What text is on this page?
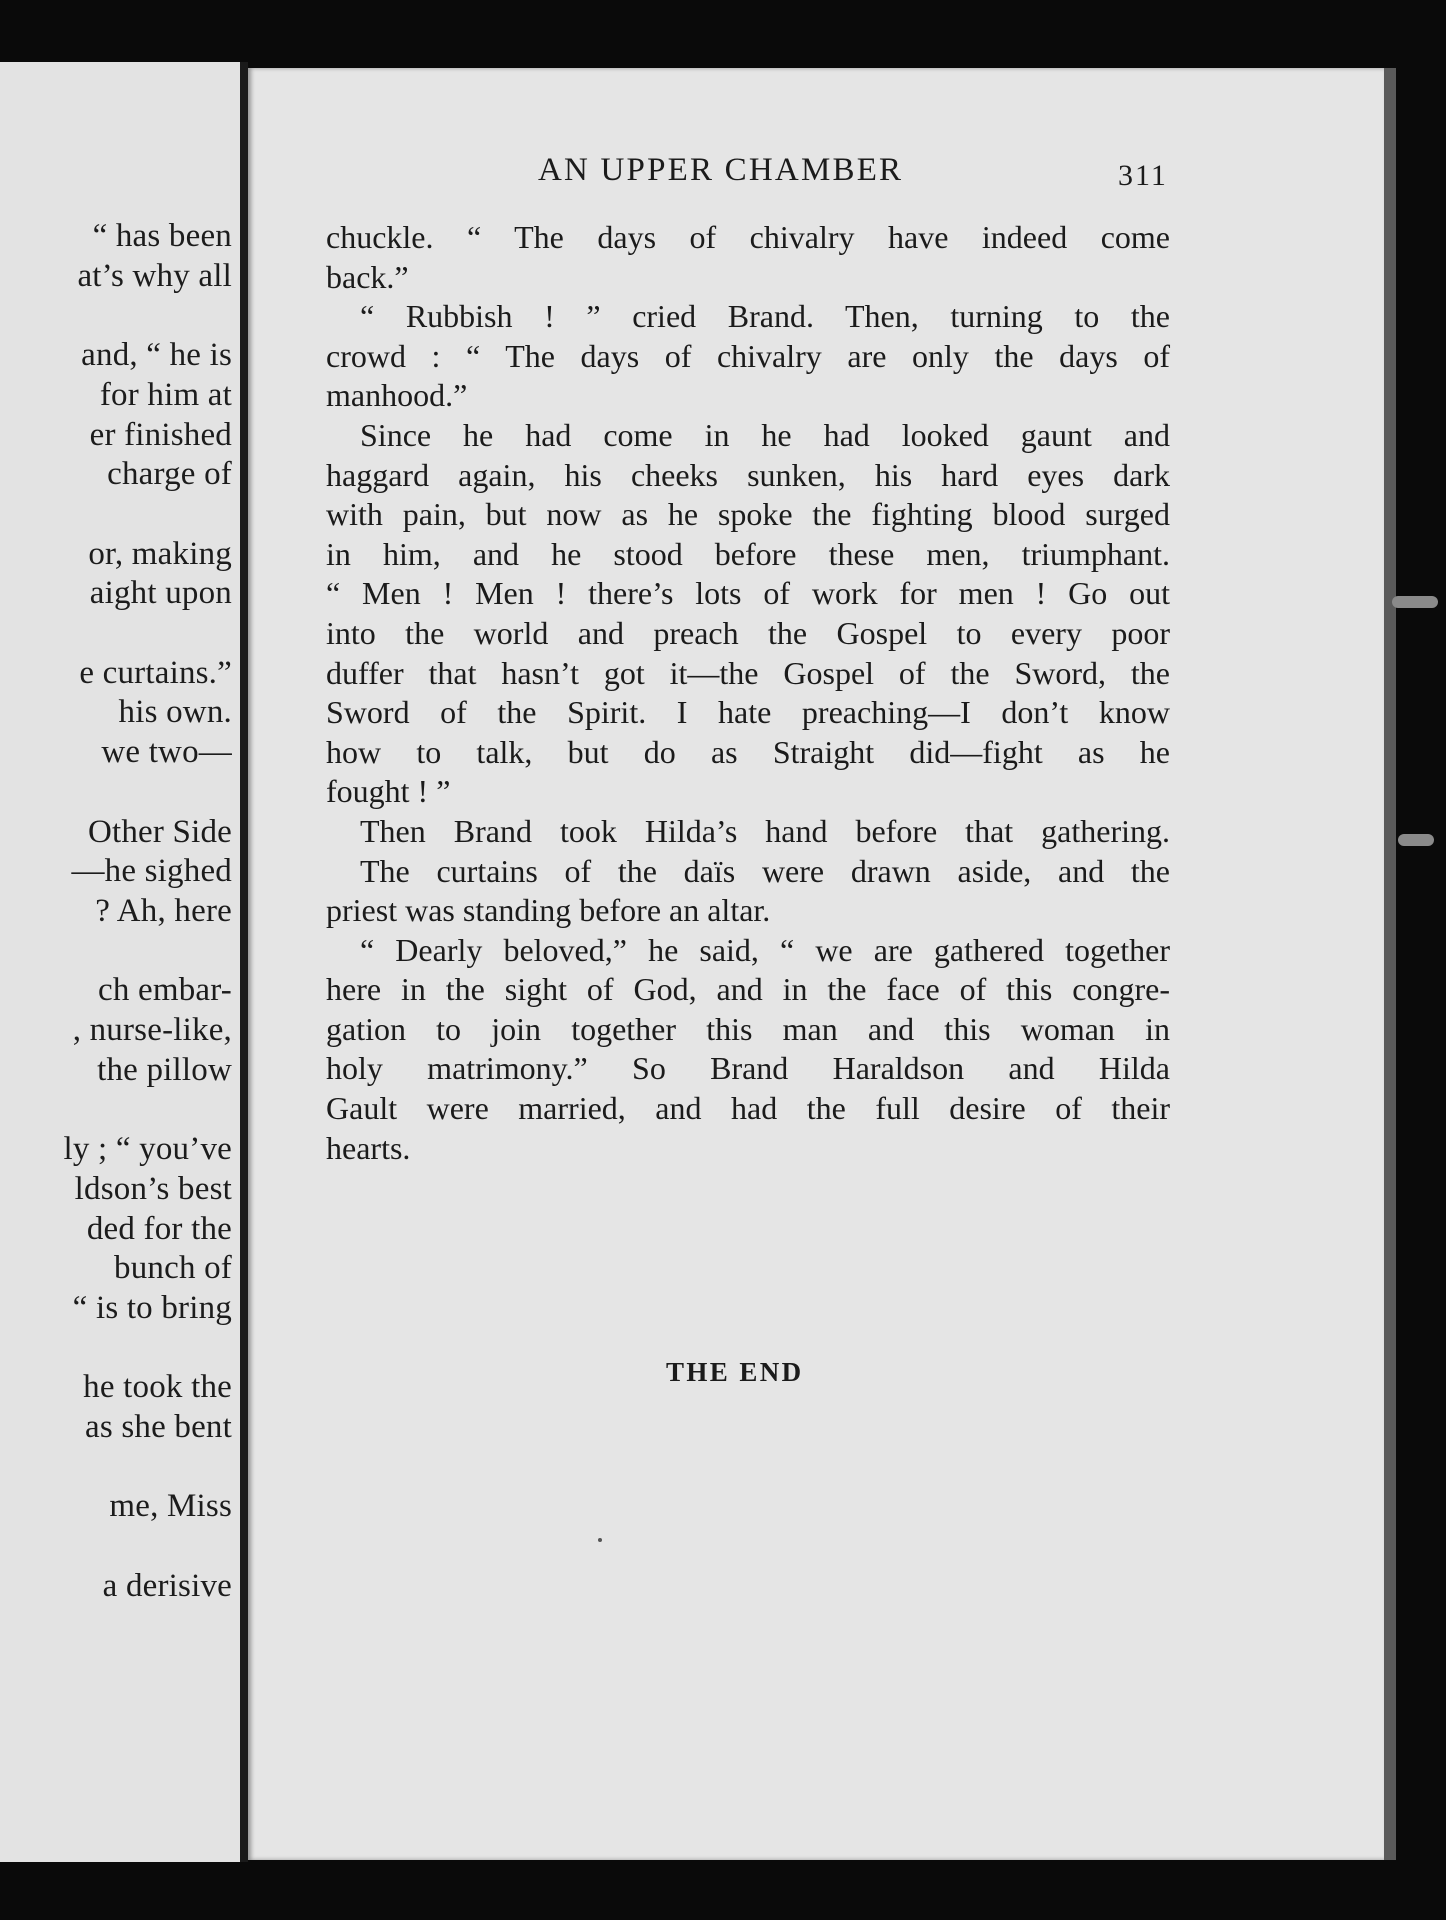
“ has been
at’s why all
and, “ he is
for him at
er finished
charge of
or, making
aight upon
e curtains.”
his own.
we two—
Other Side
—he sighed
? Ah, here
ch embar-
, nurse-like,
the pillow
ly ; “ you’ve
ldson’s best
ded for the
bunch of
“ is to bring
he took the
as she bent
me, Miss
a derisive
AN UPPER CHAMBER	311
chuckle. “ The days of chivalry have indeed come
back.”
“ Rubbish ! ” cried Brand. Then, turning to the
crowd : “ The days of chivalry are only the days of
manhood.”
Since he had come in he had looked gaunt and
haggard again, his cheeks sunken, his hard eyes dark
with pain, but now as he spoke the fighting blood surged
in him, and he stood before these men, triumphant.
“ Men ! Men ! there’s lots of work for men ! Go out
into the world and preach the Gospel to every poor
duffer that hasn’t got it—the Gospel of the Sword, the
Sword of the Spirit. I hate preaching—I don’t know
how to talk, but do as Straight did—fight as he
fought ! ”
Then Brand took Hilda’s hand before that gathering.
The curtains of the daïs were drawn aside, and the
priest was standing before an altar.
“ Dearly beloved,” he said, “ we are gathered together
here in the sight of God, and in the face of this congre-
gation to join together this man and this woman in
holy matrimony.” So Brand Haraldson and Hilda
Gault were married, and had the full desire of their
hearts.
THE END
